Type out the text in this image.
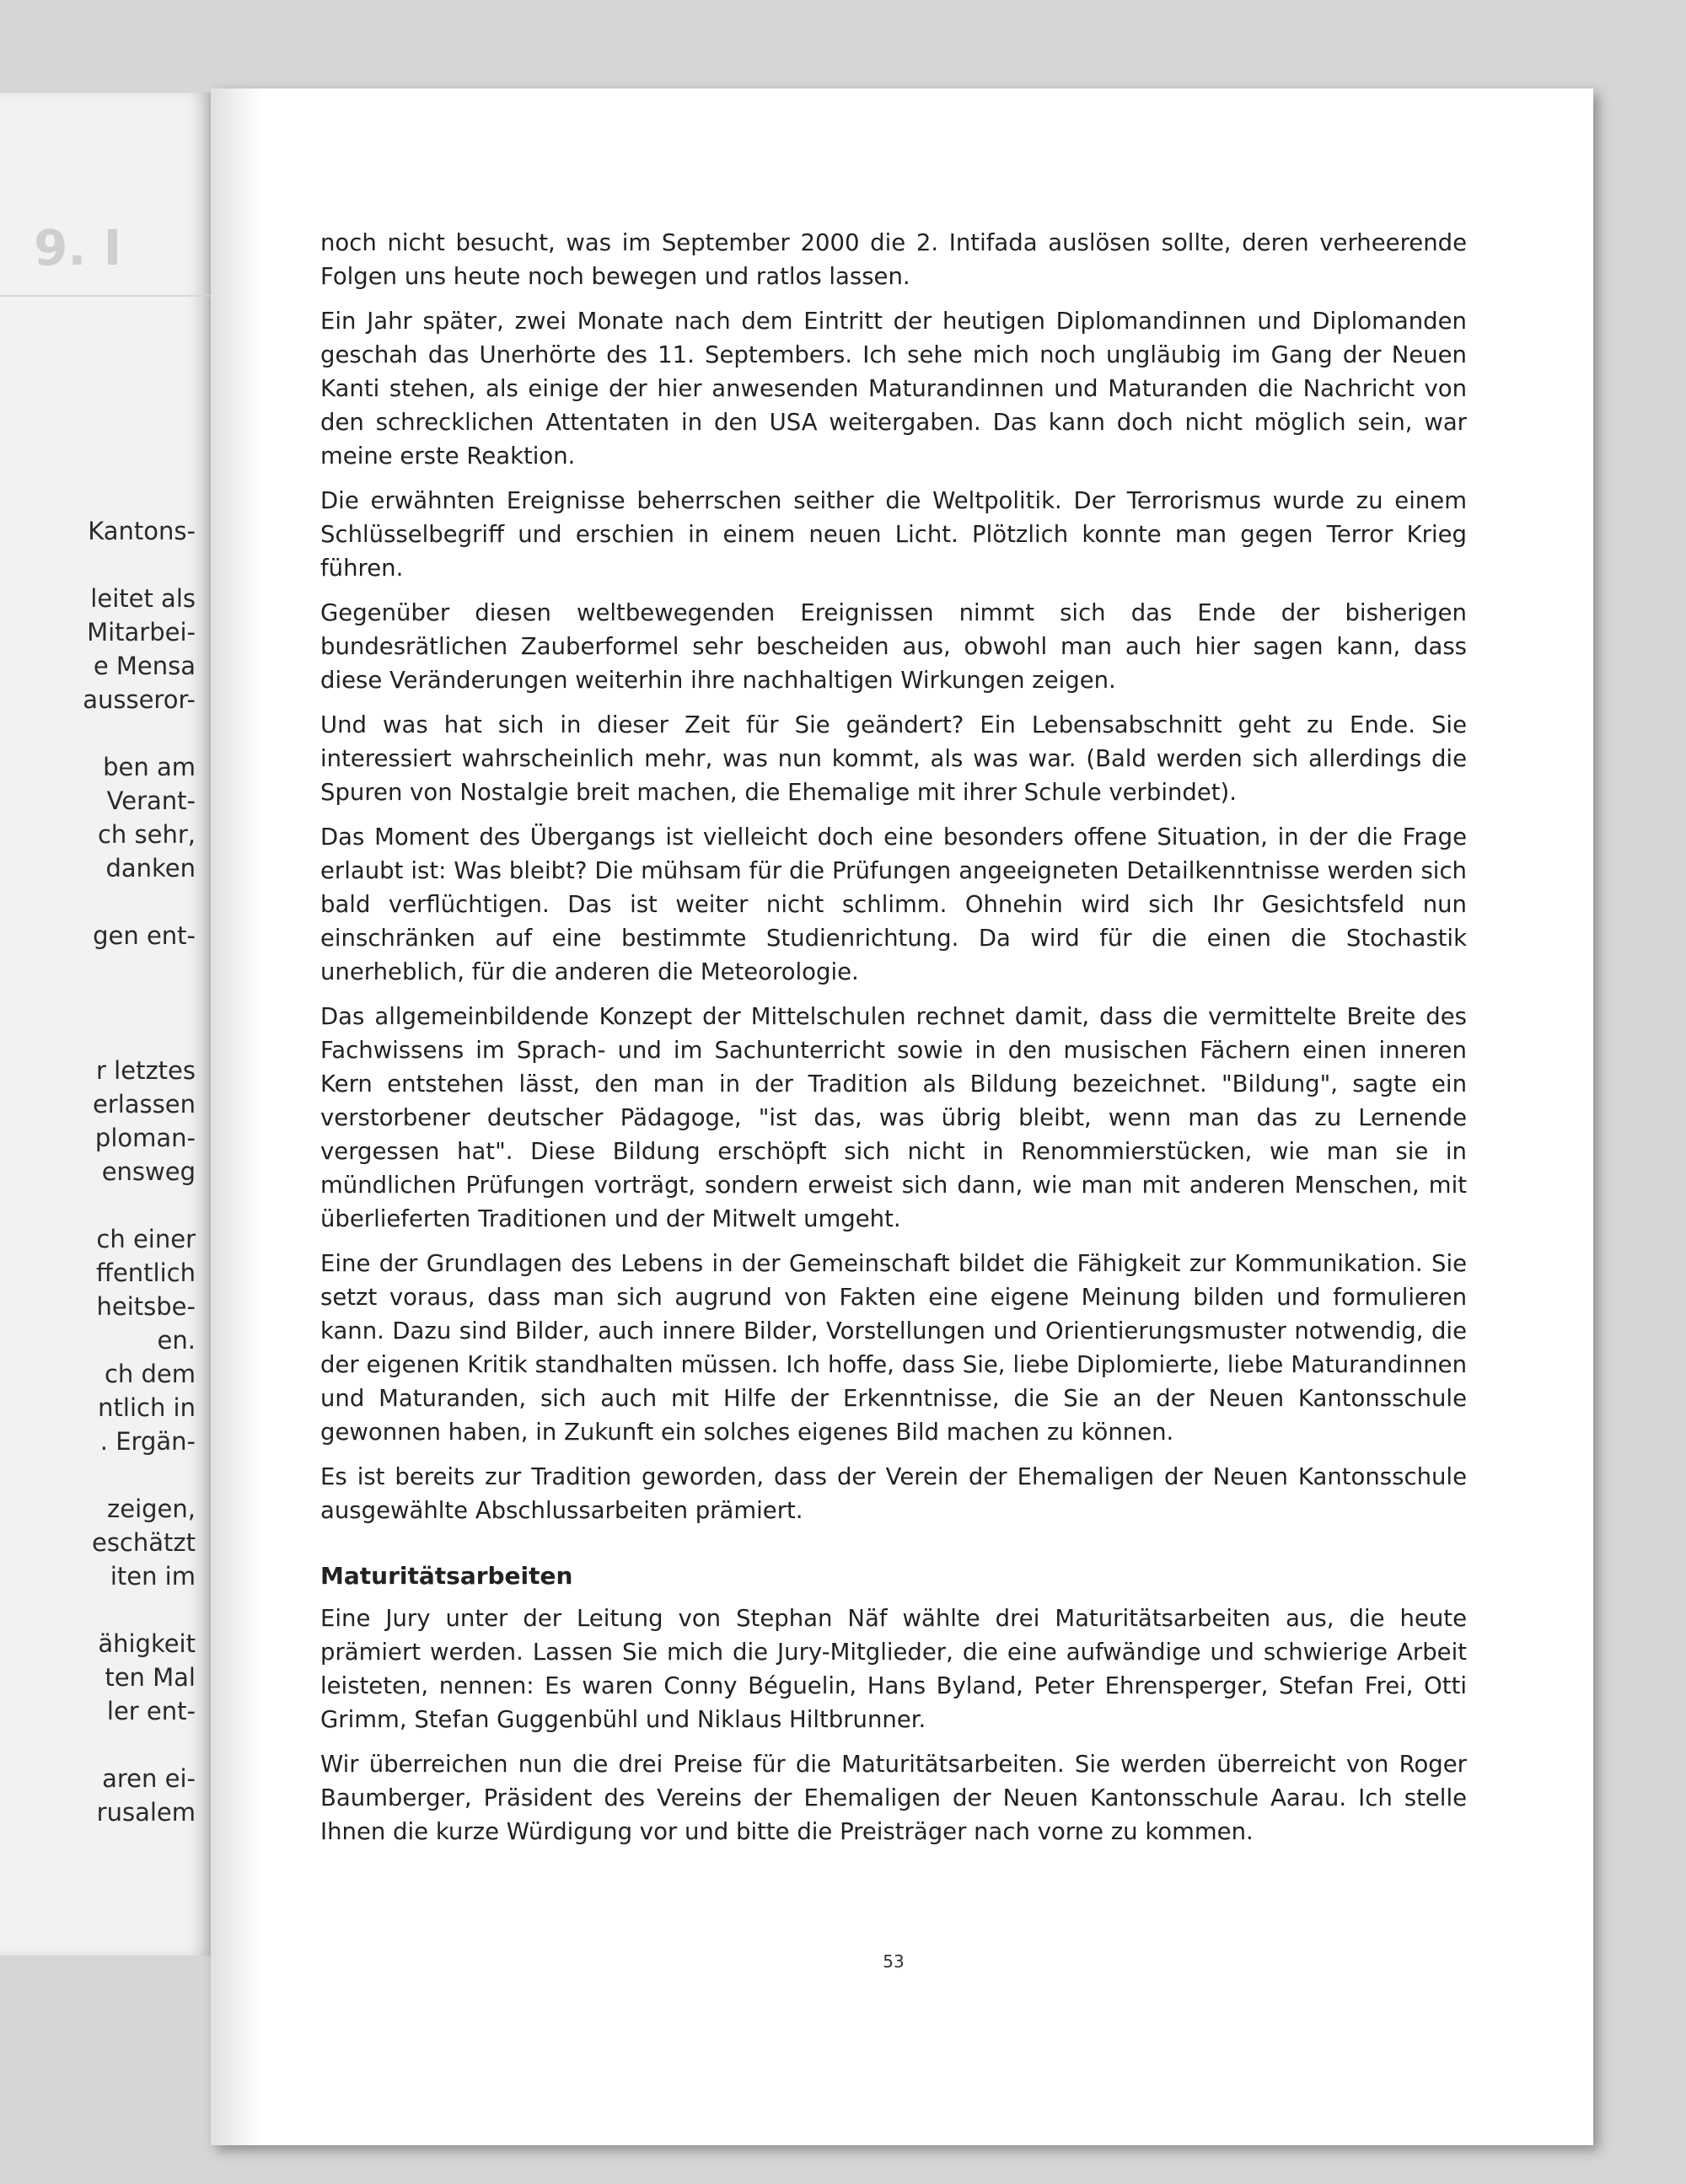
9. I
Kantons-
leitet als
Mitarbei-
e Mensa
ausseror-
ben am
Verant-
ch sehr,
danken
gen ent-
r letztes
erlassen
ploman-
ensweg
ch einer
ffentlich
heitsbe-
en.
ch dem
ntlich in
. Ergän-
zeigen,
eschätzt
iten im
ähigkeit
ten Mal
ler ent-
aren ei-
rusalem

noch nicht besucht, was im September 2000 die 2. Intifada auslösen sollte, deren verheerende Folgen uns heute noch bewegen und ratlos lassen.

Ein Jahr später, zwei Monate nach dem Eintritt der heutigen Diplomandinnen und Diplomanden geschah das Unerhörte des 11. Septembers. Ich sehe mich noch ungläubig im Gang der Neuen Kanti stehen, als einige der hier anwesenden Maturandinnen und Maturanden die Nachricht von den schrecklichen Attentaten in den USA weitergaben. Das kann doch nicht möglich sein, war meine erste Reaktion.

Die erwähnten Ereignisse beherrschen seither die Weltpolitik. Der Terrorismus wurde zu einem Schlüsselbegriff und erschien in einem neuen Licht. Plötzlich konnte man gegen Terror Krieg führen.

Gegenüber diesen weltbewegenden Ereignissen nimmt sich das Ende der bisherigen bundesrätlichen Zauberformel sehr bescheiden aus, obwohl man auch hier sagen kann, dass diese Veränderungen weiterhin ihre nachhaltigen Wirkungen zeigen.

Und was hat sich in dieser Zeit für Sie geändert? Ein Lebensabschnitt geht zu Ende. Sie interessiert wahrscheinlich mehr, was nun kommt, als was war. (Bald werden sich allerdings die Spuren von Nostalgie breit machen, die Ehemalige mit ihrer Schule verbindet).

Das Moment des Übergangs ist vielleicht doch eine besonders offene Situation, in der die Frage erlaubt ist: Was bleibt? Die mühsam für die Prüfungen angeeigneten Detailkenntnisse werden sich bald verflüchtigen. Das ist weiter nicht schlimm. Ohnehin wird sich Ihr Gesichtsfeld nun einschränken auf eine bestimmte Studienrichtung. Da wird für die einen die Stochastik unerheblich, für die anderen die Meteorologie.

Das allgemeinbildende Konzept der Mittelschulen rechnet damit, dass die vermittelte Breite des Fachwissens im Sprach- und im Sachunterricht sowie in den musischen Fächern einen inneren Kern entstehen lässt, den man in der Tradition als Bildung bezeichnet. "Bildung", sagte ein verstorbener deutscher Pädagoge, "ist das, was übrig bleibt, wenn man das zu Lernende vergessen hat". Diese Bildung erschöpft sich nicht in Renommierstücken, wie man sie in mündlichen Prüfungen vorträgt, sondern erweist sich dann, wie man mit anderen Menschen, mit überlieferten Traditionen und der Mitwelt umgeht.

Eine der Grundlagen des Lebens in der Gemeinschaft bildet die Fähigkeit zur Kommunikation. Sie setzt voraus, dass man sich augrund von Fakten eine eigene Meinung bilden und formulieren kann. Dazu sind Bilder, auch innere Bilder, Vorstellungen und Orientierungsmuster notwendig, die der eigenen Kritik standhalten müssen. Ich hoffe, dass Sie, liebe Diplomierte, liebe Maturandinnen und Maturanden, sich auch mit Hilfe der Erkenntnisse, die Sie an der Neuen Kantonsschule gewonnen haben, in Zukunft ein solches eigenes Bild machen zu können.

Es ist bereits zur Tradition geworden, dass der Verein der Ehemaligen der Neuen Kantonsschule ausgewählte Abschlussarbeiten prämiert.

Maturitätsarbeiten

Eine Jury unter der Leitung von Stephan Näf wählte drei Maturitätsarbeiten aus, die heute prämiert werden. Lassen Sie mich die Jury-Mitglieder, die eine aufwändige und schwierige Arbeit leisteten, nennen: Es waren Conny Béguelin, Hans Byland, Peter Ehrensperger, Stefan Frei, Otti Grimm, Stefan Guggenbühl und Niklaus Hiltbrunner.

Wir überreichen nun die drei Preise für die Maturitätsarbeiten. Sie werden überreicht von Roger Baumberger, Präsident des Vereins der Ehemaligen der Neuen Kantonsschule Aarau. Ich stelle Ihnen die kurze Würdigung vor und bitte die Preisträger nach vorne zu kommen.

53
